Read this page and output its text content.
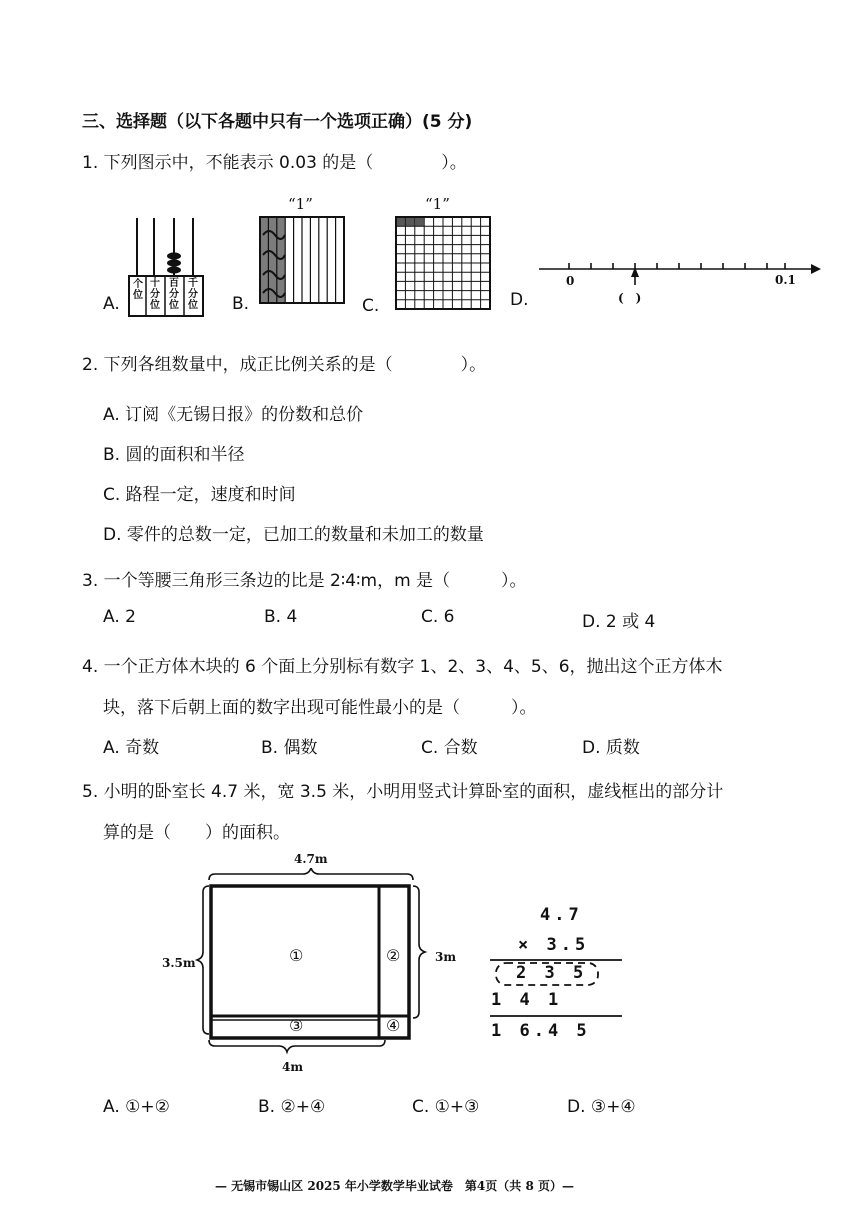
三、选择题（以下各题中只有一个选项正确）(5 分)
1. 下列图示中，不能表示 0.03 的是（　　　　）。
A.	B.	C.	D.
个位
十分位
百分位
千分位
“1”	“1”
0	0.1
(　)
2. 下列各组数量中，成正比例关系的是（　　　　）。
A. 订阅《无锡日报》的份数和总价
B. 圆的面积和半径
C. 路程一定，速度和时间
D. 零件的总数一定，已加工的数量和未加工的数量
3. 一个等腰三角形三条边的比是 2∶4∶m，m 是（　　　）。
A. 2	B. 4	C. 6	D. 2 或 4
4. 一个正方体木块的 6 个面上分别标有数字 1、2、3、4、5、6，抛出这个正方体木
块，落下后朝上面的数字出现可能性最小的是（　　　）。
A. 奇数	B. 偶数	C. 合数	D. 质数
5. 小明的卧室长 4.7 米，宽 3.5 米，小明用竖式计算卧室的面积，虚线框出的部分计
算的是（　　）的面积。
4.7m
3.5m	3m
4m
①	②
③	④
4.7
× 3.5
2 3 5
1 4 1
1 6.4 5
A. ①+②	B. ②+④	C. ①+③	D. ③+④
— 无锡市锡山区 2025 年小学数学毕业试卷　第4页（共 8 页）—
